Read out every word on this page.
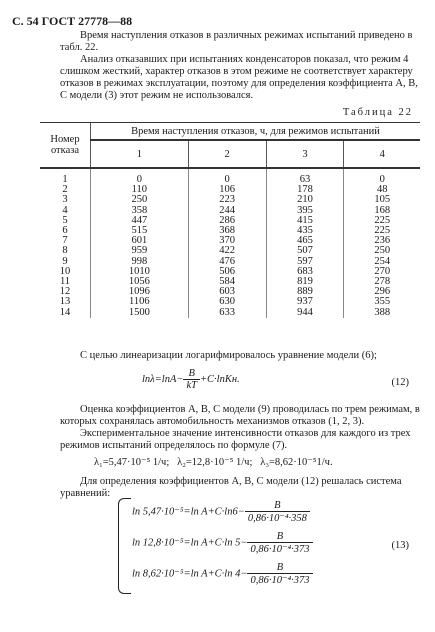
С. 54 ГОСТ 27778—88
Время наступления отказов в различных режимах испытаний приведено в табл. 22.
Анализ отказавших при испытаниях конденсаторов показал, что режим 4 слишком жесткий, характер отказов в этом режиме не соответствует характеру отказов в режимах эксплуатации, поэтому для определения коэффициента А, В, С модели (3) этот режим не использовался.
Таблица 22
Номер отказа	Время наступления отказов, ч, для режимов испытаний			
	1	2	3	4
1	0	0	63	0
2	110	106	178	48
3	250	223	210	105
4	358	244	395	168
5	447	286	415	225
6	515	368	435	225
7	601	370	465	236
8	959	422	507	250
9	998	476	597	254
10	1010	506	683	270
11	1056	584	819	278
12	1096	603	889	296
13	1106	630	937	355
14	1500	633	944	388
С целью линеаризации логарифмировалось уравнение модели (6);
$\ln\lambda=\ln A- \frac{B}{kT} +C\cdot\ln Kн$.	(12)
Оценка коэффициентов А, В, С модели (9) проводилась по трем режимам, в которых сохранялась автомобильность механизмов отказов (1, 2, 3).
Экспериментальное значение интенсивности отказов для каждого из трех режимов испытаний определялось по формуле (7).
λ₁=5,47·10⁻⁵ 1/ч; λ₂=12,8·10⁻⁵ 1/ч; λ₃=8,62·10⁻⁵1/ч.
Для определения коэффициентов А, В, С модели (12) решалась система уравнений:
ln 5,47·10⁻⁵=ln $A+C\cdot\ln 6- \frac{B}{\text{0,86·10⁻⁴·358}}$
ln 12,8·10⁻⁵=ln A+C·ln $5- \frac{B}{\text{0,86·10⁻⁴·373}}$
ln 8,62·10⁻⁵=ln A+C·ln $4- \frac{B}{\text{0,86·10⁻⁴·373}}$
(13)
